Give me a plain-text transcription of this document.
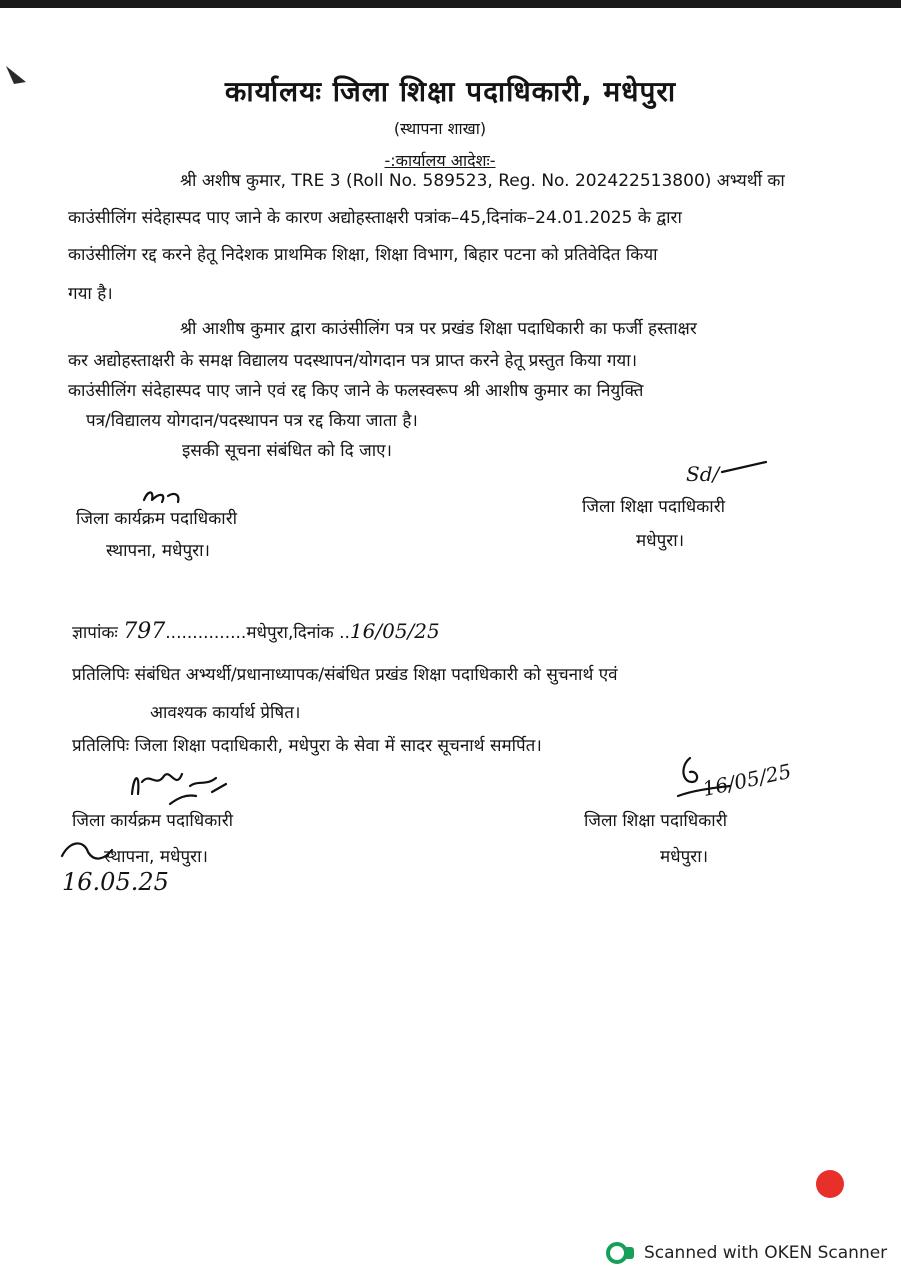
कार्यालयः जिला शिक्षा पदाधिकारी, मधेपुरा
(स्थापना शाखा)
-:कार्यालय आदेशः-
श्री अशीष कुमार, TRE 3 (Roll No. 589523, Reg. No. 202422513800) अभ्यर्थी का
काउंसीलिंग संदेहास्पद पाए जाने के कारण अद्योहस्ताक्षरी पत्रांक–45,दिनांक–24.01.2025 के द्वारा
काउंसीलिंग रद्द करने हेतू निदेशक प्राथमिक शिक्षा, शिक्षा विभाग, बिहार पटना को प्रतिवेदित किया
गया है।
श्री आशीष कुमार द्वारा काउंसीलिंग पत्र पर प्रखंड शिक्षा पदाधिकारी का फर्जी हस्ताक्षर
कर अद्योहस्ताक्षरी के समक्ष विद्यालय पदस्थापन/योगदान पत्र प्राप्त करने हेतू प्रस्तुत किया गया।
काउंसीलिंग संदेहास्पद पाए जाने एवं रद्द किए जाने के फलस्वरूप श्री आशीष कुमार का नियुक्ति
पत्र/विद्यालय योगदान/पदस्थापन पत्र रद्द किया जाता है।
इसकी सूचना संबंधित को दि जाए।
जिला कार्यक्रम पदाधिकारी
स्थापना, मधेपुरा।
Sd/
जिला शिक्षा पदाधिकारी
मधेपुरा।
ज्ञापांकः 797...............मधेपुरा,दिनांक ..16/05/25
प्रतिलिपिः संबंधित अभ्यर्थी/प्रधानाध्यापक/संबंधित प्रखंड शिक्षा पदाधिकारी को सुचनार्थ एवं
आवश्यक कार्यार्थ प्रेषित।
प्रतिलिपिः जिला शिक्षा पदाधिकारी, मधेपुरा के सेवा में सादर सूचनार्थ समर्पित।
जिला कार्यक्रम पदाधिकारी
स्थापना, मधेपुरा।
16.05.25
16/05/25
जिला शिक्षा पदाधिकारी
मधेपुरा।
Scanned with OKEN Scanner
